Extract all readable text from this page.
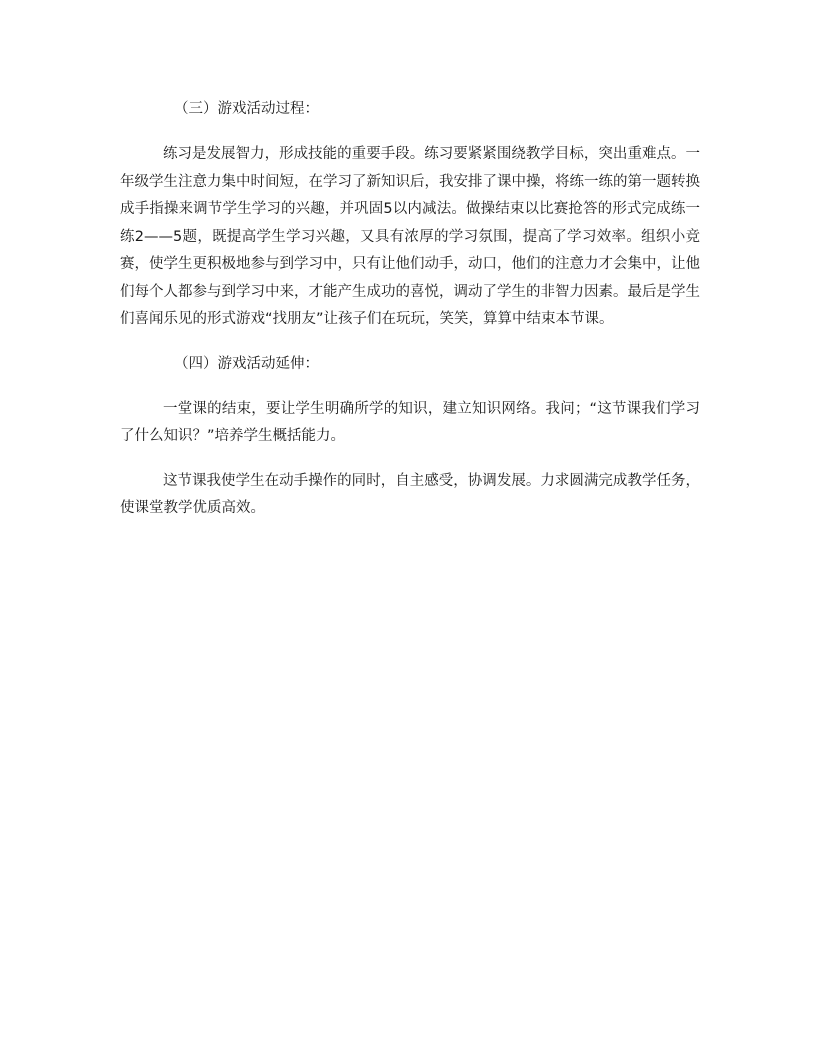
（三）游戏活动过程：

练习是发展智力，形成技能的重要手段。练习要紧紧围绕教学目标，突出重难点。一年级学生注意力集中时间短，在学习了新知识后，我安排了课中操，将练一练的第一题转换成手指操来调节学生学习的兴趣，并巩固5以内减法。做操结束以比赛抢答的形式完成练一练2——5题，既提高学生学习兴趣，又具有浓厚的学习氛围，提高了学习效率。组织小竞赛，使学生更积极地参与到学习中，只有让他们动手，动口，他们的注意力才会集中，让他们每个人都参与到学习中来，才能产生成功的喜悦，调动了学生的非智力因素。最后是学生们喜闻乐见的形式游戏“找朋友”让孩子们在玩玩，笑笑，算算中结束本节课。

（四）游戏活动延伸：

一堂课的结束，要让学生明确所学的知识，建立知识网络。我问；“这节课我们学习了什么知识？”培养学生概括能力。

这节课我使学生在动手操作的同时，自主感受，协调发展。力求圆满完成教学任务，使课堂教学优质高效。
